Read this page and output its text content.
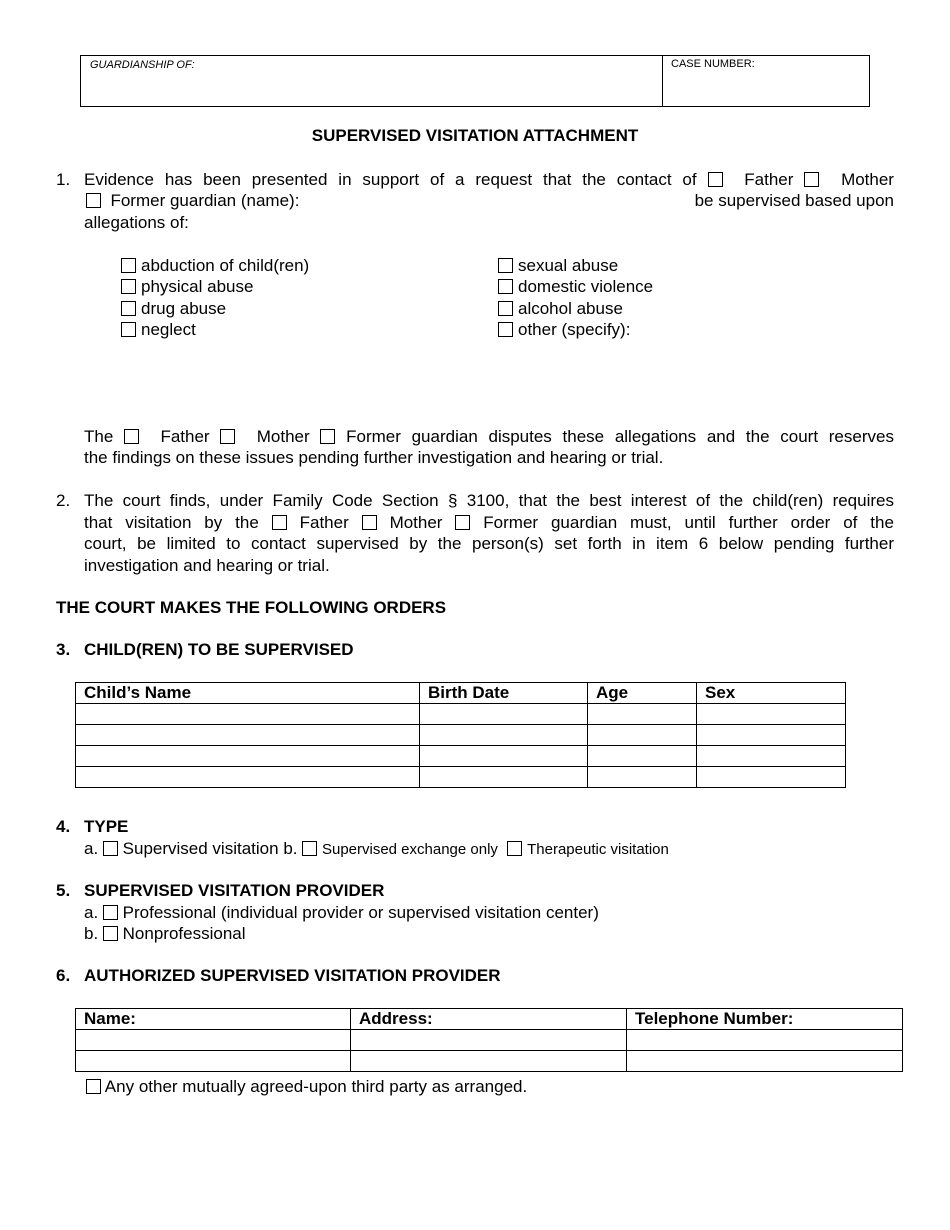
GUARDIANSHIP OF:	CASE NUMBER:
SUPERVISED VISITATION ATTACHMENT
1. Evidence has been presented in support of a request that the contact of	Father	Mother
Former guardian (name):	be supervised based upon
allegations of:
abduction of child(ren)
physical abuse
drug abuse
neglect
sexual abuse
domestic violence
alcohol abuse
other (specify):
The	Father	Mother Former guardian disputes these allegations and the court reserves
the findings on these issues pending further investigation and hearing or trial.
2. The court finds, under Family Code Section § 3100, that the best interest of the child(ren) requires
that visitation by the Father Mother Former guardian must, until further order of the
court, be limited to contact supervised by the person(s) set forth in item 6 below pending further
investigation and hearing or trial.
THE COURT MAKES THE FOLLOWING ORDERS
3. CHILD(REN) TO BE SUPERVISED
Child’s Name	Birth Date	Age	Sex

4. TYPE
a. Supervised visitation b. Supervised exchange only Therapeutic visitation
5. SUPERVISED VISITATION PROVIDER
a. Professional (individual provider or supervised visitation center)
b. Nonprofessional
6. AUTHORIZED SUPERVISED VISITATION PROVIDER
Name:	Address:	Telephone Number:

Any other mutually agreed-upon third party as arranged.
